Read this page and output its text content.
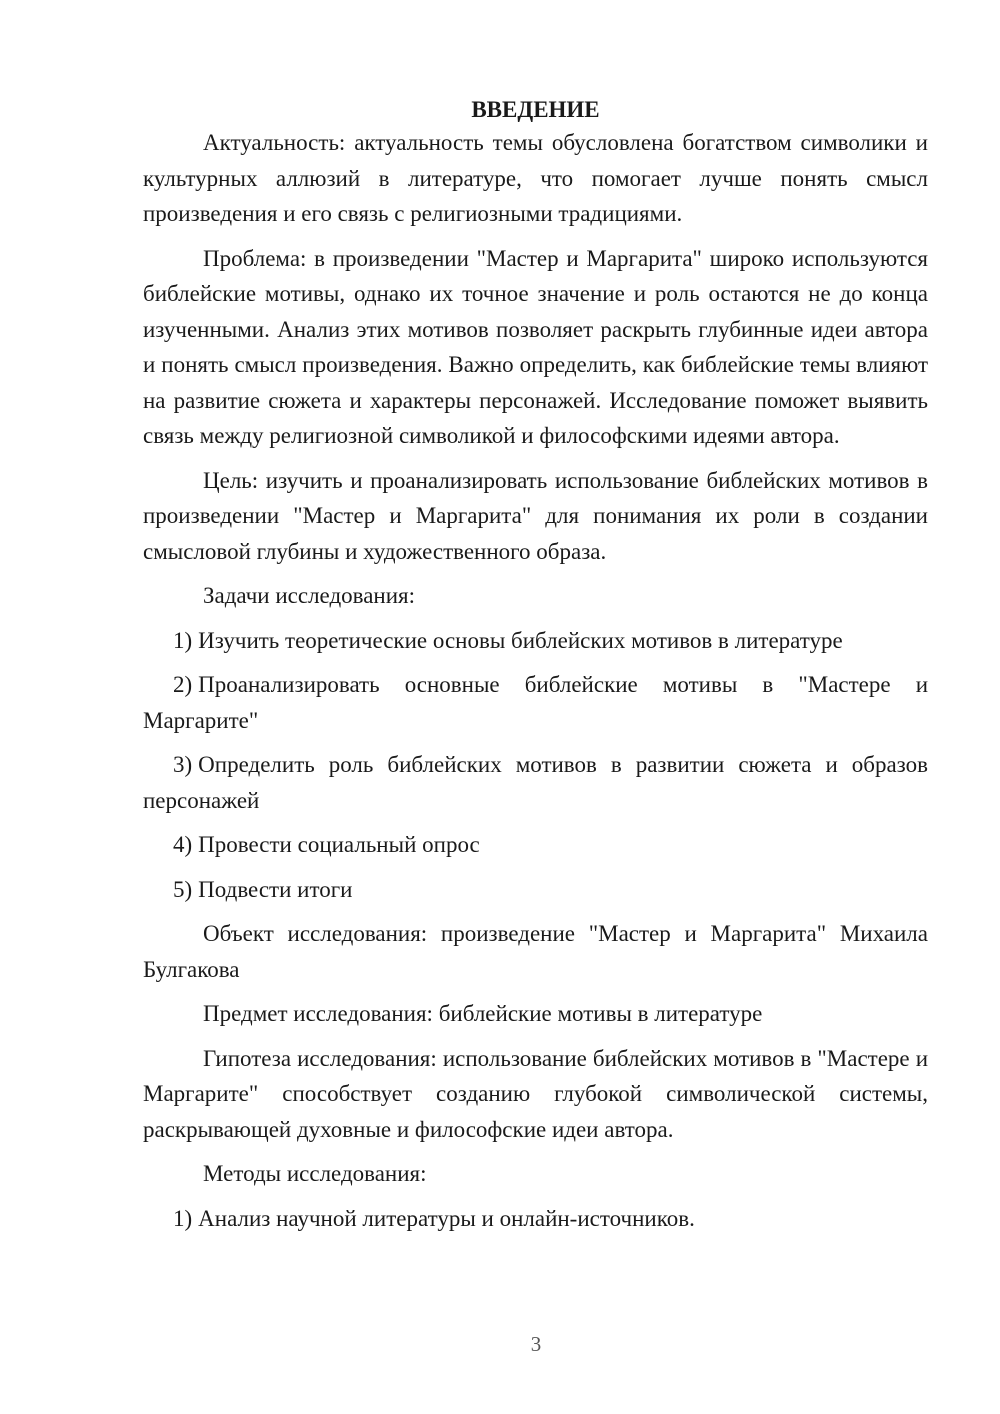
ВВЕДЕНИЕ

Актуальность: актуальность темы обусловлена богатством символики и культурных аллюзий в литературе, что помогает лучше понять смысл произведения и его связь с религиозными традициями.

Проблема: в произведении "Мастер и Маргарита" широко используются библейские мотивы, однако их точное значение и роль остаются не до конца изученными. Анализ этих мотивов позволяет раскрыть глубинные идеи автора и понять смысл произведения. Важно определить, как библейские темы влияют на развитие сюжета и характеры персонажей. Исследование поможет выявить связь между религиозной символикой и философскими идеями автора.

Цель: изучить и проанализировать использование библейских мотивов в произведении "Мастер и Маргарита" для понимания их роли в создании смысловой глубины и художественного образа.

Задачи исследования:

1) Изучить теоретические основы библейских мотивов в литературе

2) Проанализировать основные библейские мотивы в "Мастере и Маргарите"

3) Определить роль библейских мотивов в развитии сюжета и образов персонажей

4) Провести социальный опрос

5) Подвести итоги

Объект исследования: произведение "Мастер и Маргарита" Михаила Булгакова

Предмет исследования: библейские мотивы в литературе

Гипотеза исследования: использование библейских мотивов в "Мастере и Маргарите" способствует созданию глубокой символической системы, раскрывающей духовные и философские идеи автора.

Методы исследования:

1) Анализ научной литературы и онлайн-источников.

3
